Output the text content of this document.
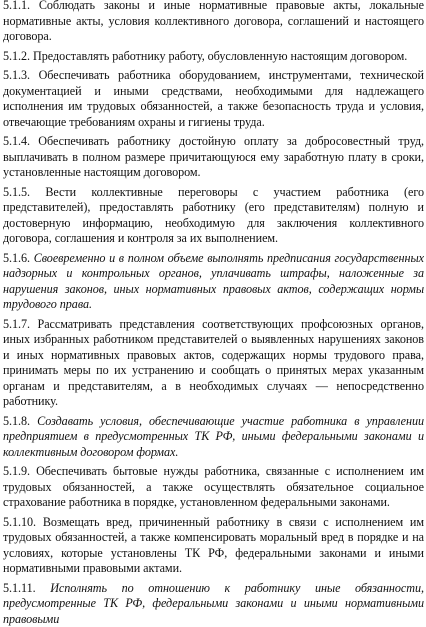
5.1.1. Соблюдать законы и иные нормативные правовые акты, локальные нормативные акты, условия коллективного договора, соглашений и настоящего договора.

5.1.2. Предоставлять работнику работу, обусловленную настоящим договором.

5.1.3. Обеспечивать работника оборудованием, инструментами, технической документацией и иными средствами, необходимыми для надлежащего исполнения им трудовых обязанностей, а также безопасность труда и условия, отвечающие требованиям охраны и гигиены труда.

5.1.4. Обеспечивать работнику достойную оплату за добросовестный труд, выплачивать в полном размере причитающуюся ему заработную плату в сроки, установленные настоящим договором.

5.1.5. Вести коллективные переговоры с участием работника (его представителей), предоставлять работнику (его представителям) полную и достоверную информацию, необходимую для заключения коллективного договора, соглашения и контроля за их выполнением.

5.1.6. Своевременно и в полном объеме выполнять предписания государственных надзорных и контрольных органов, уплачивать штрафы, наложенные за нарушения законов, иных нормативных правовых актов, содержащих нормы трудового права.

5.1.7. Рассматривать представления соответствующих профсоюзных органов, иных избранных работником представителей о выявленных нарушениях законов и иных нормативных правовых актов, содержащих нормы трудового права, принимать меры по их устранению и сообщать о принятых мерах указанным органам и представителям, а в необходимых случаях — непосредственно работнику.

5.1.8. Создавать условия, обеспечивающие участие работника в управлении предприятием в предусмотренных ТК РФ, иными федеральными законами и коллективным договором формах.

5.1.9. Обеспечивать бытовые нужды работника, связанные с исполнением им трудовых обязанностей, а также осуществлять обязательное социальное страхование работника в порядке, установленном федеральными законами.

5.1.10. Возмещать вред, причиненный работнику в связи с исполнением им трудовых обязанностей, а также компенсировать моральный вред в порядке и на условиях, которые установлены ТК РФ, федеральными законами и иными нормативными правовыми актами.

5.1.11. Исполнять по отношению к работнику иные обязанности, предусмотренные ТК РФ, федеральными законами и иными нормативными правовыми
